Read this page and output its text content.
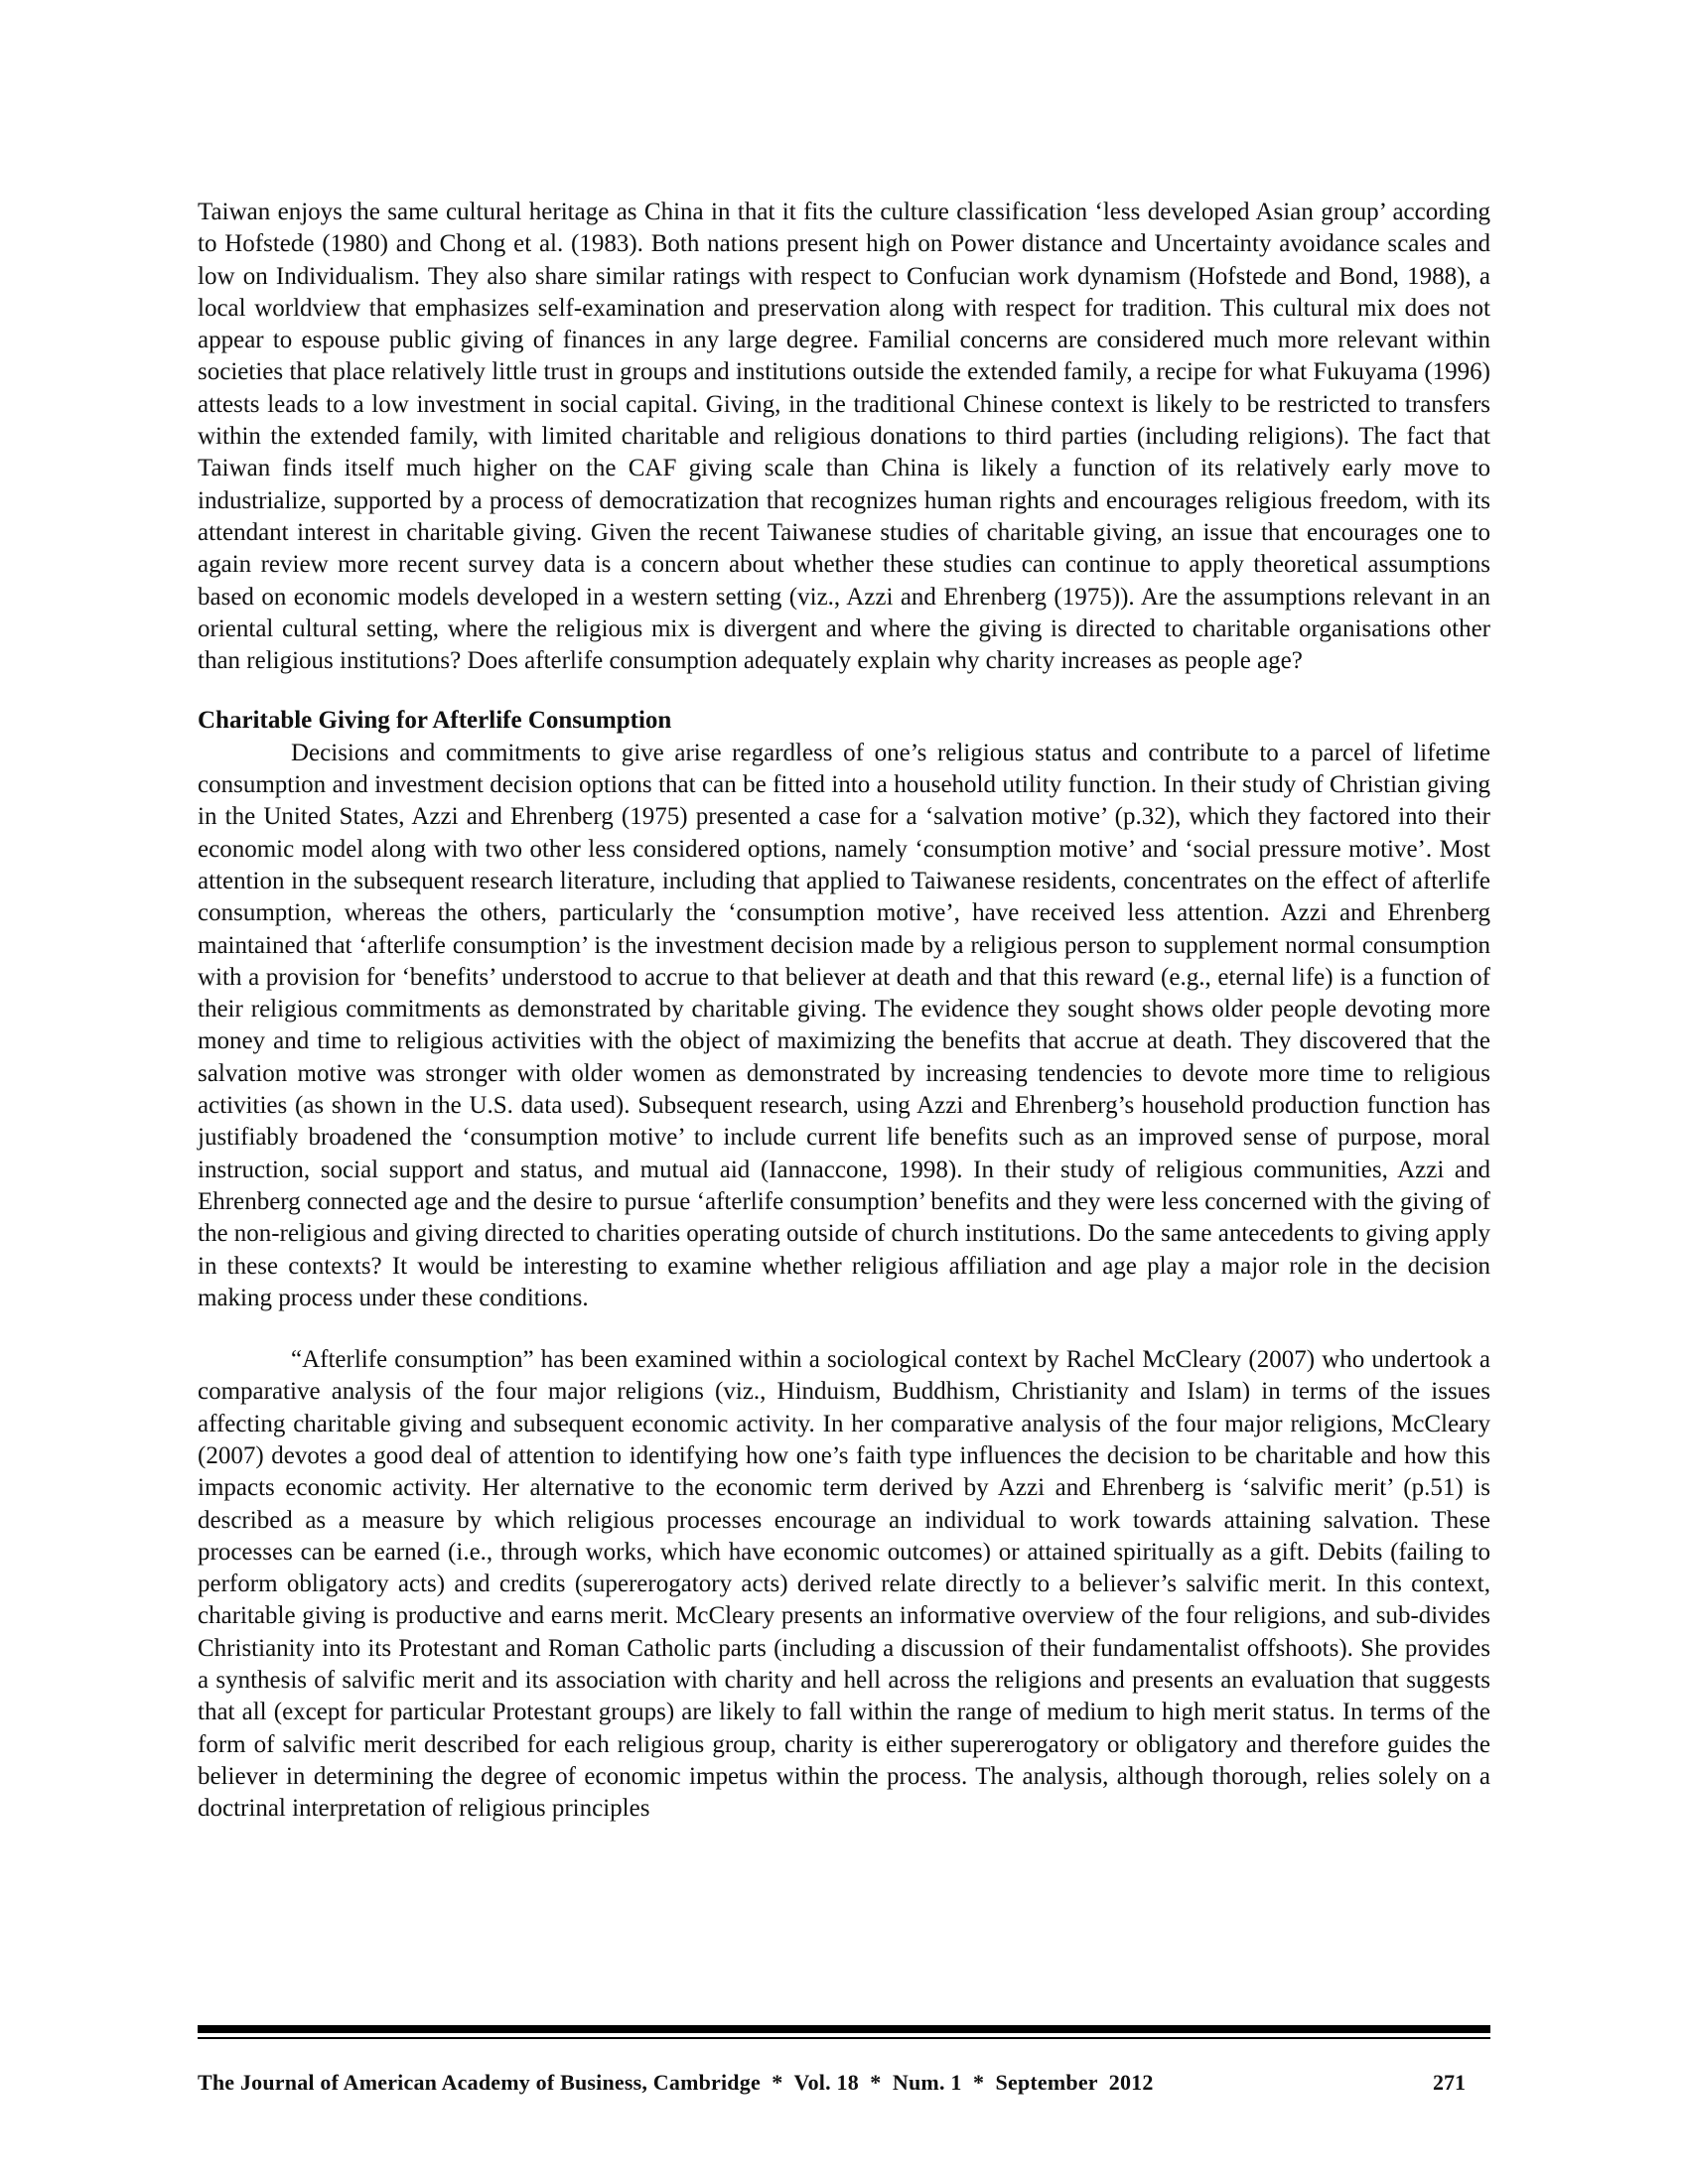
Taiwan enjoys the same cultural heritage as China in that it fits the culture classification ‘less developed Asian group’ according to Hofstede (1980) and Chong et al. (1983). Both nations present high on Power distance and Uncertainty avoidance scales and low on Individualism. They also share similar ratings with respect to Confucian work dynamism (Hofstede and Bond, 1988), a local worldview that emphasizes self-examination and preservation along with respect for tradition. This cultural mix does not appear to espouse public giving of finances in any large degree. Familial concerns are considered much more relevant within societies that place relatively little trust in groups and institutions outside the extended family, a recipe for what Fukuyama (1996) attests leads to a low investment in social capital. Giving, in the traditional Chinese context is likely to be restricted to transfers within the extended family, with limited charitable and religious donations to third parties (including religions). The fact that Taiwan finds itself much higher on the CAF giving scale than China is likely a function of its relatively early move to industrialize, supported by a process of democratization that recognizes human rights and encourages religious freedom, with its attendant interest in charitable giving. Given the recent Taiwanese studies of charitable giving, an issue that encourages one to again review more recent survey data is a concern about whether these studies can continue to apply theoretical assumptions based on economic models developed in a western setting (viz., Azzi and Ehrenberg (1975)). Are the assumptions relevant in an oriental cultural setting, where the religious mix is divergent and where the giving is directed to charitable organisations other than religious institutions? Does afterlife consumption adequately explain why charity increases as people age?

Charitable Giving for Afterlife Consumption

Decisions and commitments to give arise regardless of one’s religious status and contribute to a parcel of lifetime consumption and investment decision options that can be fitted into a household utility function. In their study of Christian giving in the United States, Azzi and Ehrenberg (1975) presented a case for a ‘salvation motive’ (p.32), which they factored into their economic model along with two other less considered options, namely ‘consumption motive’ and ‘social pressure motive’. Most attention in the subsequent research literature, including that applied to Taiwanese residents, concentrates on the effect of afterlife consumption, whereas the others, particularly the ‘consumption motive’, have received less attention. Azzi and Ehrenberg maintained that ‘afterlife consumption’ is the investment decision made by a religious person to supplement normal consumption with a provision for ‘benefits’ understood to accrue to that believer at death and that this reward (e.g., eternal life) is a function of their religious commitments as demonstrated by charitable giving. The evidence they sought shows older people devoting more money and time to religious activities with the object of maximizing the benefits that accrue at death. They discovered that the salvation motive was stronger with older women as demonstrated by increasing tendencies to devote more time to religious activities (as shown in the U.S. data used). Subsequent research, using Azzi and Ehrenberg’s household production function has justifiably broadened the ‘consumption motive’ to include current life benefits such as an improved sense of purpose, moral instruction, social support and status, and mutual aid (Iannaccone, 1998). In their study of religious communities, Azzi and Ehrenberg connected age and the desire to pursue ‘afterlife consumption’ benefits and they were less concerned with the giving of the non-religious and giving directed to charities operating outside of church institutions. Do the same antecedents to giving apply in these contexts? It would be interesting to examine whether religious affiliation and age play a major role in the decision making process under these conditions.

“Afterlife consumption” has been examined within a sociological context by Rachel McCleary (2007) who undertook a comparative analysis of the four major religions (viz., Hinduism, Buddhism, Christianity and Islam) in terms of the issues affecting charitable giving and subsequent economic activity. In her comparative analysis of the four major religions, McCleary (2007) devotes a good deal of attention to identifying how one’s faith type influences the decision to be charitable and how this impacts economic activity. Her alternative to the economic term derived by Azzi and Ehrenberg is ‘salvific merit’ (p.51) is described as a measure by which religious processes encourage an individual to work towards attaining salvation. These processes can be earned (i.e., through works, which have economic outcomes) or attained spiritually as a gift. Debits (failing to perform obligatory acts) and credits (supererogatory acts) derived relate directly to a believer’s salvific merit. In this context, charitable giving is productive and earns merit. McCleary presents an informative overview of the four religions, and sub-divides Christianity into its Protestant and Roman Catholic parts (including a discussion of their fundamentalist offshoots). She provides a synthesis of salvific merit and its association with charity and hell across the religions and presents an evaluation that suggests that all (except for particular Protestant groups) are likely to fall within the range of medium to high merit status. In terms of the form of salvific merit described for each religious group, charity is either supererogatory or obligatory and therefore guides the believer in determining the degree of economic impetus within the process. The analysis, although thorough, relies solely on a doctrinal interpretation of religious principles

The Journal of American Academy of Business, Cambridge  *  Vol. 18  *  Num. 1  *  September  2012	271
